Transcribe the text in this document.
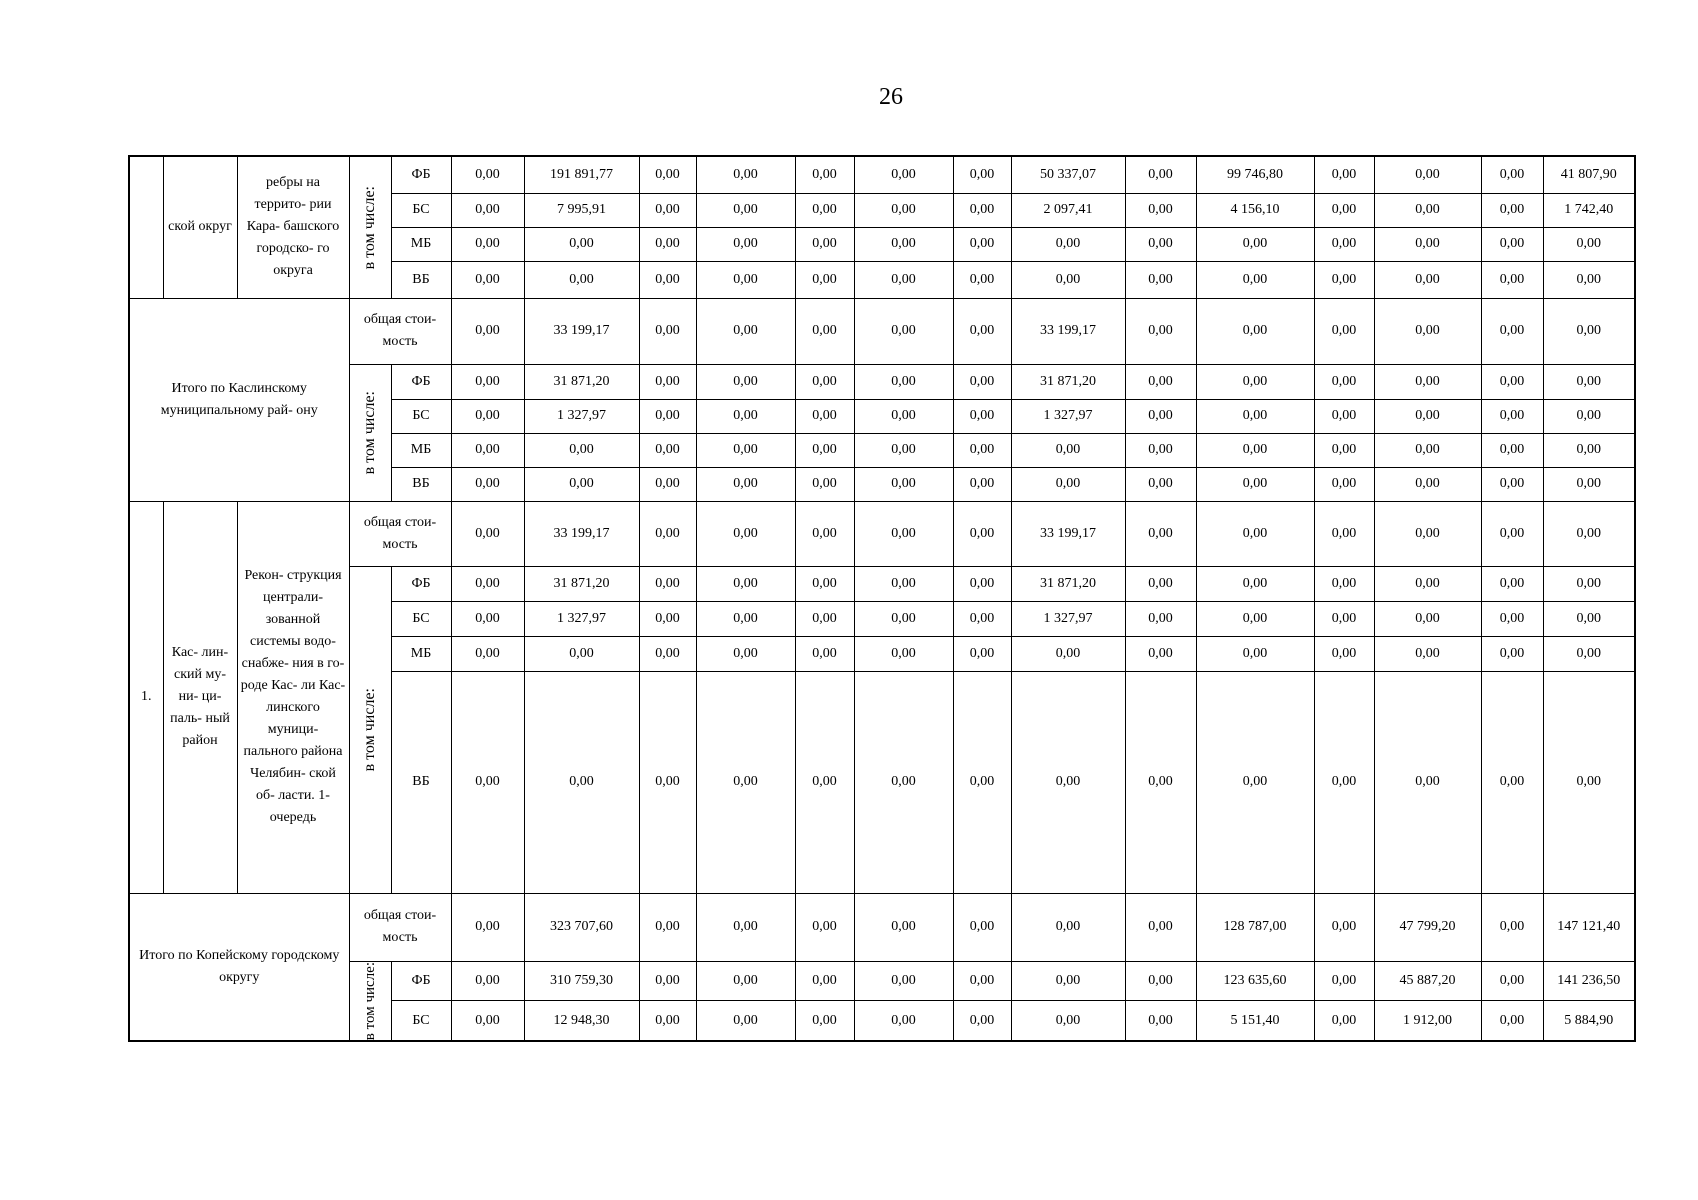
26
	ской округ	ребры на террито- рии Кара- башского городско- го округа	в том числе:	ФБ	0,00	191 891,77	0,00	0,00	0,00	0,00	0,00	50 337,07	0,00	99 746,80	0,00	0,00	0,00	41 807,90
				БС	0,00	7 995,91	0,00	0,00	0,00	0,00	0,00	2 097,41	0,00	4 156,10	0,00	0,00	0,00	1 742,40
				МБ	0,00	0,00	0,00	0,00	0,00	0,00	0,00	0,00	0,00	0,00	0,00	0,00	0,00	0,00
				ВБ	0,00	0,00	0,00	0,00	0,00	0,00	0,00	0,00	0,00	0,00	0,00	0,00	0,00	0,00
Итого по Каслинскому муниципальному рай- ону			общая стои- мость		0,00	33 199,17	0,00	0,00	0,00	0,00	0,00	33 199,17	0,00	0,00	0,00	0,00	0,00	0,00

			в том числе:	ФБ	0,00	31 871,20	0,00	0,00	0,00	0,00	0,00	31 871,20	0,00	0,00	0,00	0,00	0,00	0,00
				БС	0,00	1 327,97	0,00	0,00	0,00	0,00	0,00	1 327,97	0,00	0,00	0,00	0,00	0,00	0,00
				МБ	0,00	0,00	0,00	0,00	0,00	0,00	0,00	0,00	0,00	0,00	0,00	0,00	0,00	0,00
				ВБ	0,00	0,00	0,00	0,00	0,00	0,00	0,00	0,00	0,00	0,00	0,00	0,00	0,00	0,00
1.	Кас- лин- ский му- ни- ци- паль- ный район	Рекон- струкция централи- зованной системы водо- снабже- ния в го- роде Кас- ли Кас- линского муници- пального района Челябин- ской об- ласти. 1- очередь	общая стои- мость		0,00	33 199,17	0,00	0,00	0,00	0,00	0,00	33 199,17	0,00	0,00	0,00	0,00	0,00	0,00

			в том числе:	ФБ	0,00	31 871,20	0,00	0,00	0,00	0,00	0,00	31 871,20	0,00	0,00	0,00	0,00	0,00	0,00
				БС	0,00	1 327,97	0,00	0,00	0,00	0,00	0,00	1 327,97	0,00	0,00	0,00	0,00	0,00	0,00
				МБ	0,00	0,00	0,00	0,00	0,00	0,00	0,00	0,00	0,00	0,00	0,00	0,00	0,00	0,00
				ВБ	0,00	0,00	0,00	0,00	0,00	0,00	0,00	0,00	0,00	0,00	0,00	0,00	0,00	0,00
Итого по Копейскому городскому округу			общая стои- мость		0,00	323 707,60	0,00	0,00	0,00	0,00	0,00	0,00	0,00	128 787,00	0,00	47 799,20	0,00	147 121,40

			в том числе:	ФБ	0,00	310 759,30	0,00	0,00	0,00	0,00	0,00	0,00	0,00	123 635,60	0,00	45 887,20	0,00	141 236,50
				БС	0,00	12 948,30	0,00	0,00	0,00	0,00	0,00	0,00	0,00	5 151,40	0,00	1 912,00	0,00	5 884,90
